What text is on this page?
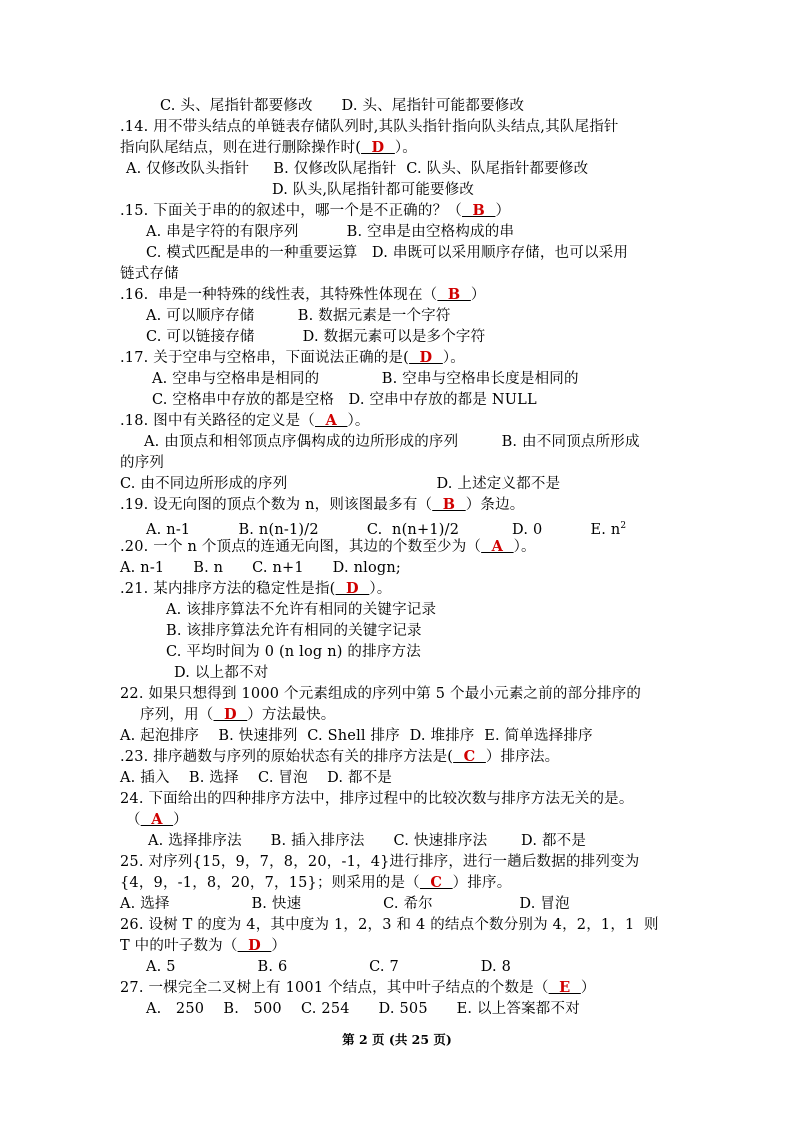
C. 头、尾指针都要修改      D. 头、尾指针可能都要修改
.14. 用不带头结点的单链表存储队列时,其队头指针指向队头结点,其队尾指针
指向队尾结点，则在进行删除操作时(  D  ）。
A. 仅修改队头指针     B. 仅修改队尾指针  C. 队头、队尾指针都要修改
D. 队头,队尾指针都可能要修改
.15. 下面关于串的的叙述中，哪一个是不正确的？（  B  ）
A. 串是字符的有限序列          B. 空串是由空格构成的串
C. 模式匹配是串的一种重要运算   D. 串既可以采用顺序存储，也可以采用
链式存储
.16.  串是一种特殊的线性表，其特殊性体现在（  B  ）
A. 可以顺序存储         B. 数据元素是一个字符
C. 可以链接存储          D. 数据元素可以是多个字符
.17. 关于空串与空格串，下面说法正确的是(  D  ）。
A. 空串与空格串是相同的             B. 空串与空格串长度是相同的
C. 空格串中存放的都是空格   D. 空串中存放的都是 NULL
.18. 图中有关路径的定义是（  A  ）。
A. 由顶点和相邻顶点序偶构成的边所形成的序列         B. 由不同顶点所形成
的序列
C. 由不同边所形成的序列                               D. 上述定义都不是
.19. 设无向图的顶点个数为 n，则该图最多有（  B  ）条边。
A. n-1          B. n(n-1)/2          C.  n(n+1)/2           D. 0          E. $n^2$
.20. 一个 n 个顶点的连通无向图，其边的个数至少为（  A  ）。
A. n-1      B. n      C. n+1      D. nlogn;
.21. 某内排序方法的稳定性是指(  D  ）。
A. 该排序算法不允许有相同的关键字记录
B. 该排序算法允许有相同的关键字记录
C. 平均时间为 0 (n log n) 的排序方法
D. 以上都不对
22. 如果只想得到 1000 个元素组成的序列中第 5 个最小元素之前的部分排序的
序列，用（  D  ）方法最快。
A. 起泡排序    B. 快速排列  C. Shell 排序  D. 堆排序  E. 简单选择排序
.23. 排序趟数与序列的原始状态有关的排序方法是(  C  ）排序法。
A. 插入    B. 选择    C. 冒泡    D. 都不是
24. 下面给出的四种排序方法中，排序过程中的比较次数与排序方法无关的是。
（  A  ）
A. 选择排序法      B. 插入排序法      C. 快速排序法       D. 都不是
25. 对序列{15，9，7，8，20，-1，4}进行排序，进行一趟后数据的排列变为
{4，9，-1，8，20，7，15}；则采用的是（  C  ）排序。
A. 选择                 B. 快速                 C. 希尔                  D. 冒泡
26. 设树 T 的度为 4，其中度为 1，2，3 和 4 的结点个数分别为 4，2，1，1  则
T 中的叶子数为（  D  ）
A. 5                 B. 6                 C. 7                 D. 8
27. 一棵完全二叉树上有 1001 个结点，其中叶子结点的个数是（  E  ）
A.   250    B.   500    C. 254      D. 505      E. 以上答案都不对
第 2 页 (共 25 页)
